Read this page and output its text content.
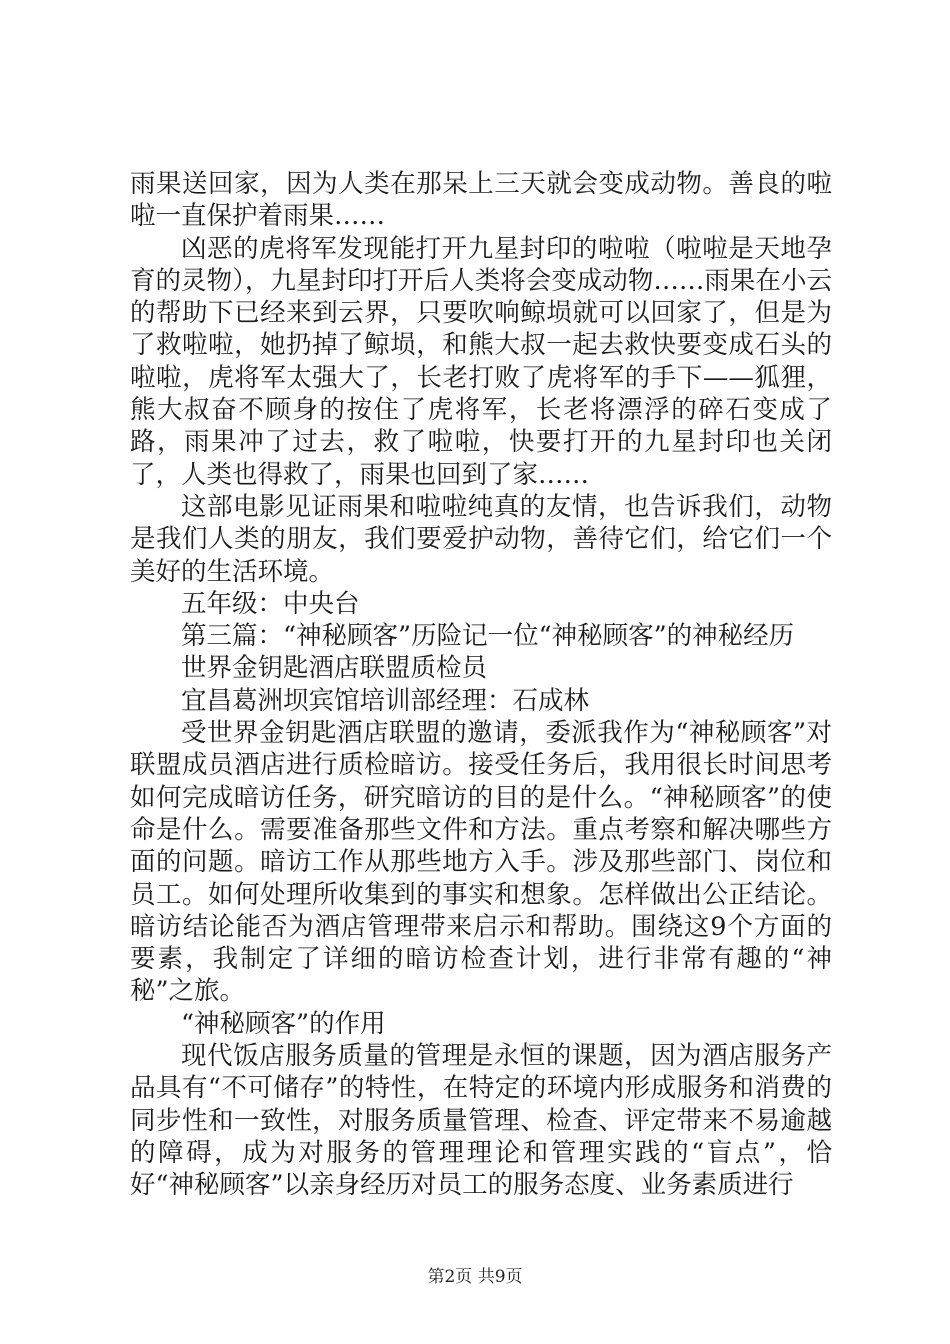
雨果送回家，因为人类在那呆上三天就会变成动物。善良的啦啦一直保护着雨果……

凶恶的虎将军发现能打开九星封印的啦啦（啦啦是天地孕育的灵物），九星封印打开后人类将会变成动物……雨果在小云的帮助下已经来到云界，只要吹响鲸埙就可以回家了，但是为了救啦啦，她扔掉了鲸埙，和熊大叔一起去救快要变成石头的啦啦，虎将军太强大了，长老打败了虎将军的手下——狐狸，熊大叔奋不顾身的按住了虎将军，长老将漂浮的碎石变成了路，雨果冲了过去，救了啦啦，快要打开的九星封印也关闭了，人类也得救了，雨果也回到了家……

这部电影见证雨果和啦啦纯真的友情，也告诉我们，动物是我们人类的朋友，我们要爱护动物，善待它们，给它们一个美好的生活环境。

五年级：中央台

第三篇：“神秘顾客”历险记一位“神秘顾客”的神秘经历

世界金钥匙酒店联盟质检员

宜昌葛洲坝宾馆培训部经理：石成林

受世界金钥匙酒店联盟的邀请，委派我作为“神秘顾客”对联盟成员酒店进行质检暗访。接受任务后，我用很长时间思考如何完成暗访任务，研究暗访的目的是什么。“神秘顾客”的使命是什么。需要准备那些文件和方法。重点考察和解决哪些方面的问题。暗访工作从那些地方入手。涉及那些部门、岗位和员工。如何处理所收集到的事实和想象。怎样做出公正结论。暗访结论能否为酒店管理带来启示和帮助。围绕这9个方面的要素，我制定了详细的暗访检查计划，进行非常有趣的“神秘”之旅。

“神秘顾客”的作用

现代饭店服务质量的管理是永恒的课题，因为酒店服务产品具有“不可储存”的特性，在特定的环境内形成服务和消费的同步性和一致性，对服务质量管理、检查、评定带来不易逾越的障碍，成为对服务的管理理论和管理实践的“盲点”，恰好“神秘顾客”以亲身经历对员工的服务态度、业务素质进行

第2页 共9页
